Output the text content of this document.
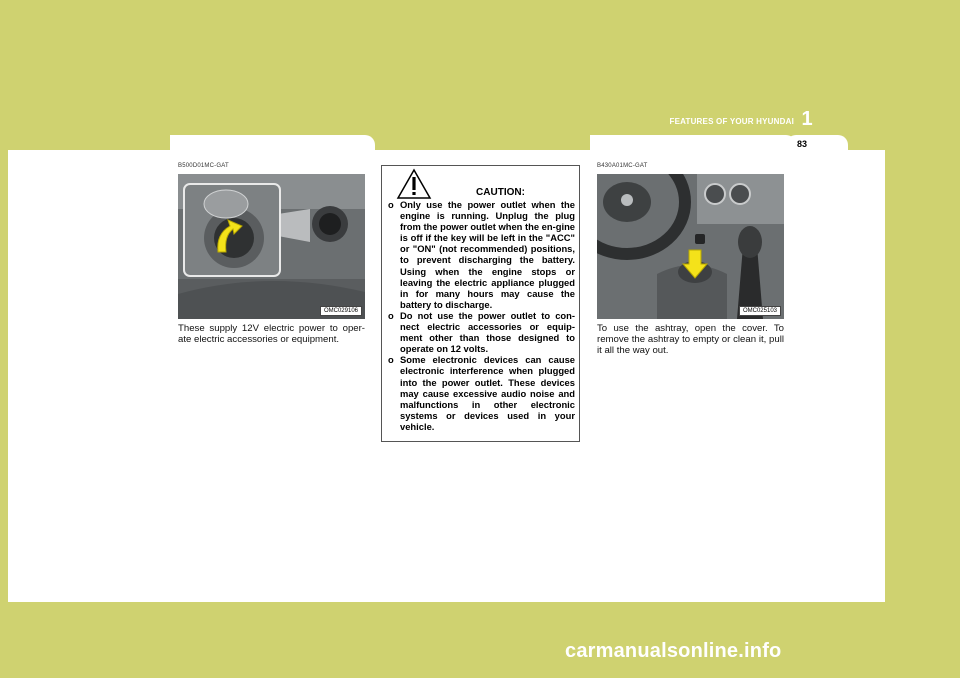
1
FEATURES OF YOUR HYUNDAI
83
POWER OUTLET
B500D01MC-GAT
OMC029106
These supply 12V electric power to oper-ate electric accessories or equipment.
CAUTION:
o Only use the power outlet when the engine is running. Unplug the plug from the power outlet when the en-gine is off if the key will be left in the "ACC" or "ON" (not recommended) positions, to prevent discharging the battery. Using when the engine stops or leaving the electric appliance plugged in for many hours may cause the battery to discharge.
o Do not use the power outlet to con-nect electric accessories or equip-ment other than those designed to operate on 12 volts.
o Some electronic devices can cause electronic interference when plugged into the power outlet. These devices may cause excessive audio noise and malfunctions in other electronic systems or devices used in your vehicle.
ASHTRAY
B430A01MC-GAT
OMC025103
To use the ashtray, open the cover. To remove the ashtray to empty or clean it, pull it all the way out.
carmanualsonline.info
